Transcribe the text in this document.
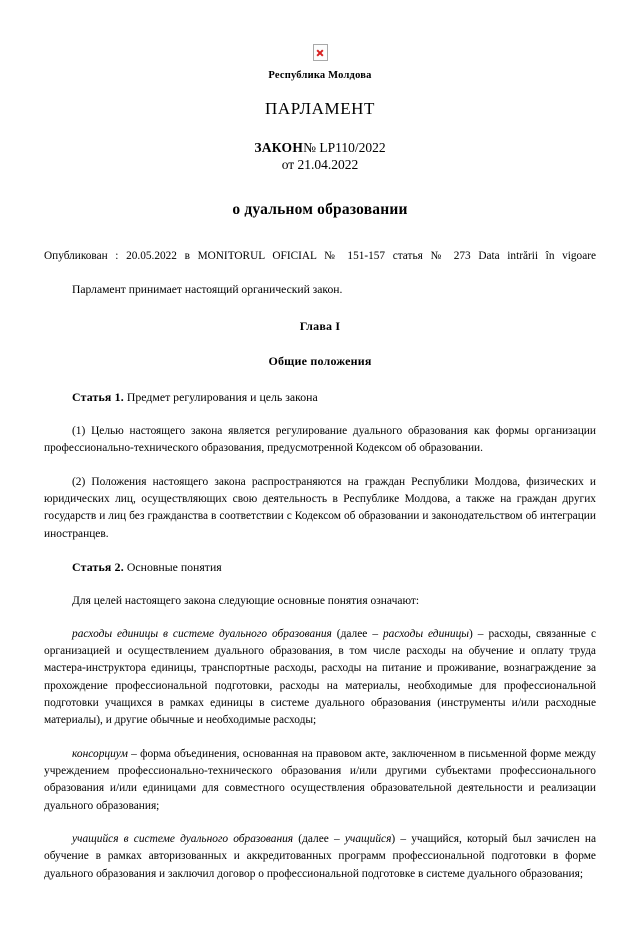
Республика Молдова
ПАРЛАМЕНТ
ЗАКОН№ LP110/2022
от 21.04.2022
о дуальном образовании
Опубликован : 20.05.2022 в MONITORUL OFICIAL № 151-157 статья № 273 Data intrării în vigoare
Парламент принимает настоящий органический закон.
Глава I
Общие положения
Статья 1. Предмет регулирования и цель закона

(1) Целью настоящего закона является регулирование дуального образования как формы организации профессионально-технического образования, предусмотренной Кодексом об образовании.

(2) Положения настоящего закона распространяются на граждан Республики Молдова, физических и юридических лиц, осуществляющих свою деятельность в Республике Молдова, а также на граждан других государств и лиц без гражданства в соответствии с Кодексом об образовании и законодательством об интеграции иностранцев.

Статья 2. Основные понятия
Для целей настоящего закона следующие основные понятия означают:

расходы единицы в системе дуального образования (далее – расходы единицы) – расходы, связанные с организацией и осуществлением дуального образования, в том числе расходы на обучение и оплату труда мастера-инструктора единицы, транспортные расходы, расходы на питание и проживание, вознаграждение за прохождение профессиональной подготовки, расходы на материалы, необходимые для профессиональной подготовки учащихся в рамках единицы в системе дуального образования (инструменты и/или расходные материалы), и другие обычные и необходимые расходы;

консорциум – форма объединения, основанная на правовом акте, заключенном в письменной форме между учреждением профессионально-технического образования и/или другими субъектами профессионального образования и/или единицами для совместного осуществления образовательной деятельности и реализации дуального образования;

учащийся в системе дуального образования (далее – учащийся) – учащийся, который был зачислен на обучение в рамках авторизованных и аккредитованных программ профессиональной подготовки в форме дуального образования и заключил договор о профессиональной подготовке в системе дуального образования;
